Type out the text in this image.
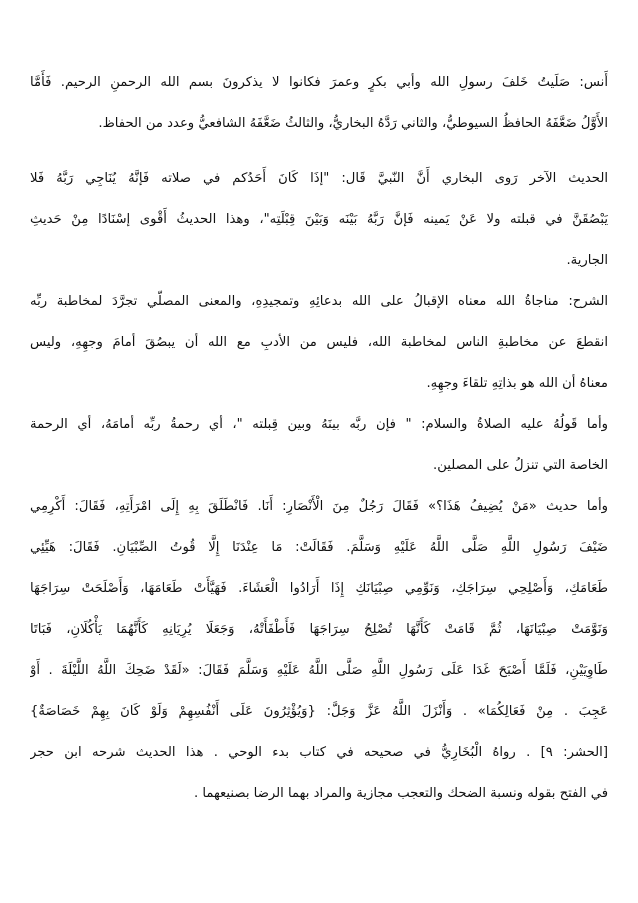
أَنس: صَلَيتُ خَلفَ رسولِ الله وأبي بكرٍ وعمرَ فكانوا لا يذكرونَ بسم الله الرحمنِ الرحيم. فَأَمَّا
الأَوَّلُ ضَعَّفَهُ الحافظُ السيوطيُّ، والثاني رَدَّهُ البخاريُّ، والثالثُ ضَعَّفَهُ الشافعيُّ وعدد من الحفاظ.
الحديث الآخر رَوى البخاري أَنَّ النّبيَّ قَال: "إذَا كَانَ أَحَدُكم في صلاته فَإنَّهُ يُنَاجِي رَبَّهُ فَلا
يَبْصُقَنَّ في قبلته ولا عَنْ يَمينه فَإنَّ رَبَّهُ بَيْنَه وَبَيْنَ قِبْلَتِه"، وهذا الحديثُ أَقْوى إسْنَادًا مِنْ حَديثِ
الجارية.
الشرح: مناجاةُ الله معناه الإقبالُ على الله بدعائِهِ وتمجيدِهِ، والمعنى المصلّي تجرَّدَ لمخاطبة ربِّه
انقطعَ عن مخاطبةِ الناس لمخاطبة الله، فليس من الأدبِ مع الله أن يبصُقَ أمامَ وجهِهِ، وليس
معناهُ أن الله هو بذاتِهِ تلقاءَ وجهِهِ.
وأما قَولُهُ عليه الصلاةُ والسلام: " فإن ربَّه بينَهُ وبين قِبلته "، أي رحمةُ ربِّه أمامَهُ، أي الرحمة
الخاصة التي تنزلُ على المصلين.
وأما حديث «مَنْ يُضِيفُ هَذَا؟» فَقَالَ رَجُلٌ مِنَ الْأَنْصَارِ: أَنَا. فَانْطَلَقَ بِهِ إِلَى امْرَأَتِهِ، فَقَالَ: أَكْرِمِي
ضَيْفَ رَسُولِ اللَّهِ صَلَّى اللَّهُ عَلَيْهِ وَسَلَّمَ. فَقَالَتْ: مَا عِنْدَنَا إِلَّا قُوتُ الصِّبْيَانِ. فَقَالَ: هَيِّئِي
طَعَامَكِ، وَأَصْلِحِي سِرَاجَكِ، وَنَوِّمِي صِبْيَانَكِ إِذَا أَرَادُوا الْعَشَاءَ. فَهَيَّأَتْ طَعَامَهَا، وَأَصْلَحَتْ سِرَاجَهَا
وَنَوَّمَتْ صِبْيَانَهَا، ثُمَّ قَامَتْ كَأَنَّهَا تُصْلِحُ سِرَاجَهَا فَأَطْفَأَتْهُ، وَجَعَلَا يُرِيَانِهِ كَأَنَّهُمَا يَأْكُلَانِ، فَبَاتَا
طَاوِيَيْنِ، فَلَمَّا أَصْبَحَ غَدَا عَلَى رَسُولِ اللَّهِ صَلَّى اللَّهُ عَلَيْهِ وَسَلَّمَ فَقَالَ: «لَقَدْ ضَحِكَ اللَّهُ اللَّيْلَةَ . أَوْ
عَجِبَ . مِنْ فَعَالِكُمَا» . وَأَنْزَلَ اللَّهُ عَزَّ وَجَلَّ: {وَيُؤْثِرُونَ عَلَى أَنْفُسِهِمْ وَلَوْ كَانَ بِهِمْ خَصَاصَةٌ}
[الحشر: ٩] . رواهُ الْبُخَارِيُّ في صحيحه في كتاب بدء الوحي . هذا الحديث شرحه ابن حجر
في الفتح بقوله ونسبة الضحك والتعجب مجازية والمراد بهما الرضا بصنيعهما .
